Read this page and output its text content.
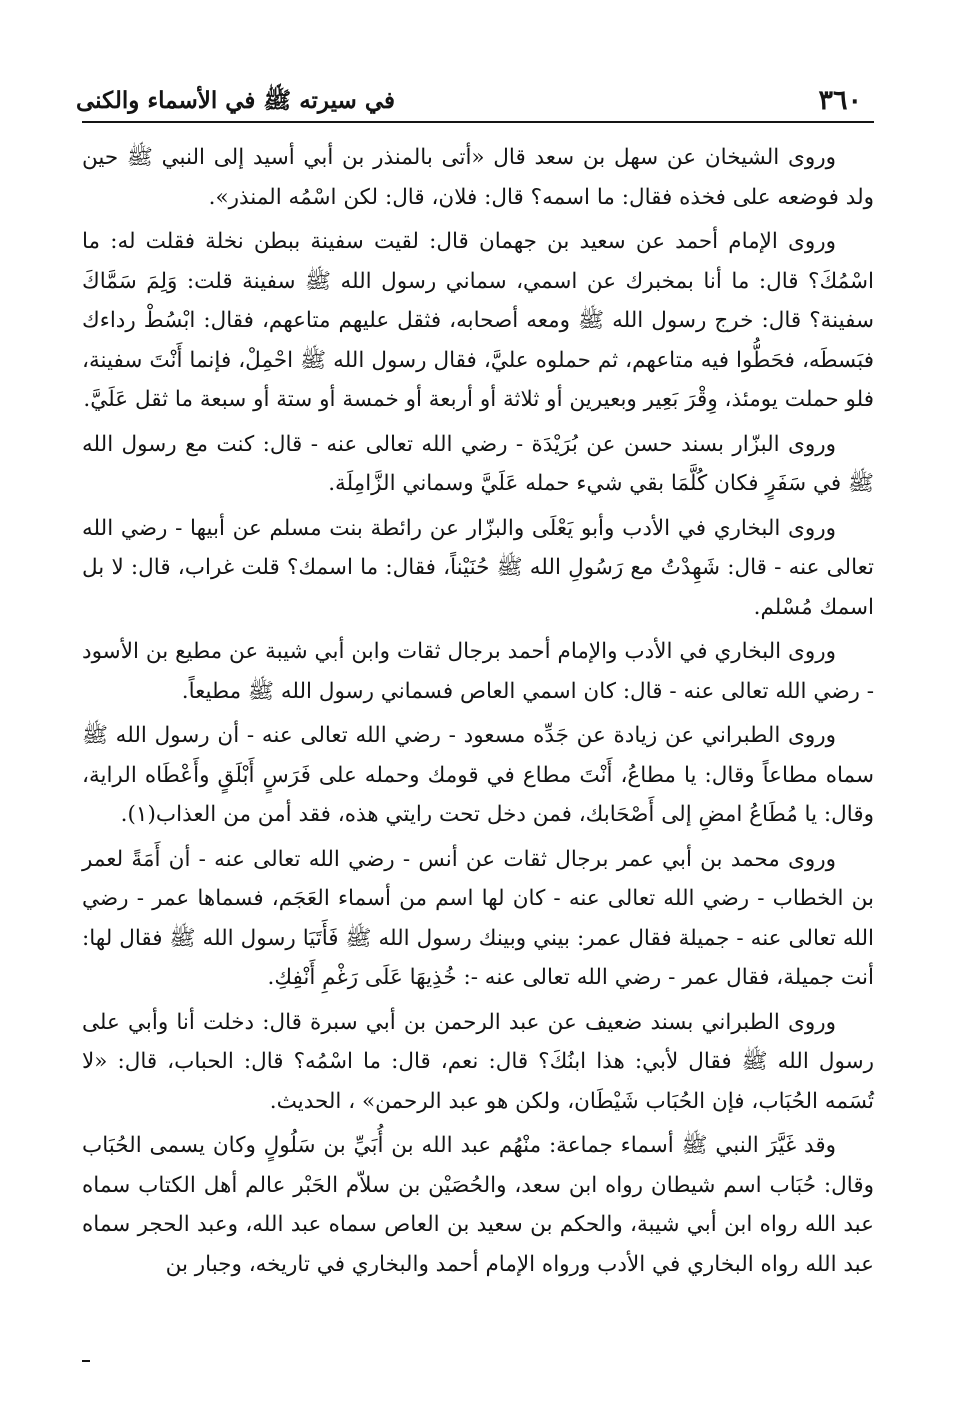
٣٦٠
في سيرته ﷺ في الأسماء والكنى

وروى الشيخان عن سهل بن سعد قال «أتى بالمنذر بن أبي أسيد إلى النبي ﷺ حين ولد فوضعه على فخذه فقال: ما اسمه؟ قال: فلان، قال: لكن اسْمُه المنذر».

وروى الإمام أحمد عن سعيد بن جهمان قال: لقيت سفينة ببطن نخلة فقلت له: ما اسْمُكَ؟ قال: ما أنا بمخبرك عن اسمي، سماني رسول الله ﷺ سفينة قلت: وَلِمَ سَمَّاكَ سفينة؟ قال: خرج رسول الله ﷺ ومعه أصحابه، فثقل عليهم متاعهم، فقال: ابْسُطْ رداءك فبَسطَه، فحَطُّوا فيه متاعهم، ثم حملوه عليَّ، فقال رسول الله ﷺ احْمِلْ، فإنما أَنْتَ سفينة، فلو حملت يومئذ، وِقْرَ بَعِير وبعيرين أو ثلاثة أو أربعة أو خمسة أو ستة أو سبعة ما ثقل عَلَيَّ.

وروى البزّار بسند حسن عن بُرَيْدَة - رضي الله تعالى عنه - قال: كنت مع رسول الله ﷺ في سَفَرٍ فكان كُلَّمَا بقي شيء حمله عَلَيَّ وسماني الزَّامِلَة.

وروى البخاري في الأدب وأبو يَعْلَى والبزّار عن رائطة بنت مسلم عن أبيها - رضي الله تعالى عنه - قال: شَهِدْتُ مع رَسُولِ الله ﷺ حُنَيْناً، فقال: ما اسمك؟ قلت غراب، قال: لا بل اسمك مُسْلم.

وروى البخاري في الأدب والإمام أحمد برجال ثقات وابن أبي شيبة عن مطيع بن الأسود - رضي الله تعالى عنه - قال: كان اسمي العاص فسماني رسول الله ﷺ مطيعاً.

وروى الطبراني عن زيادة عن جَدِّه مسعود - رضي الله تعالى عنه - أن رسول الله ﷺ سماه مطاعاً وقال: يا مطاعُ، أَنْتَ مطاع في قومك وحمله على فَرَسٍ أَبْلَقٍ وأَعْطَاه الراية، وقال: يا مُطَاعُ امضِ إلى أَصْحَابك، فمن دخل تحت رايتي هذه، فقد أمن من العذاب(١).

وروى محمد بن أبي عمر برجال ثقات عن أنس - رضي الله تعالى عنه - أن أَمَةً لعمر بن الخطاب - رضي الله تعالى عنه - كان لها اسم من أسماء العَجَم، فسماها عمر - رضي الله تعالى عنه - جميلة فقال عمر: بيني وبينك رسول الله ﷺ فَأَتَيَا رسول الله ﷺ فقال لها: أنت جميلة، فقال عمر - رضي الله تعالى عنه -: خُذِيهَا عَلَى رَغْمِ أَنْفِكِ.

وروى الطبراني بسند ضعيف عن عبد الرحمن بن أبي سبرة قال: دخلت أنا وأبي على رسول الله ﷺ فقال لأبي: هذا ابنُكَ؟ قال: نعم، قال: ما اسْمُه؟ قال: الحباب، قال: «لا تُسَمه الحُبَاب، فإن الحُبَاب شَيْطَان، ولكن هو عبد الرحمن» ، الحديث.

وقد غَيَّرَ النبي ﷺ أسماء جماعة: منْهُم عبد الله بن أُبَيِّ بن سَلُولٍ وكان يسمى الحُبَاب وقال: حُبَاب اسم شيطان رواه ابن سعد، والحُصَيْن بن سلاّم الحَبْر عالم أهل الكتاب سماه عبد الله رواه ابن أبي شيبة، والحكم بن سعيد بن العاص سماه عبد الله، وعبد الحجر سماه عبد الله رواه البخاري في الأدب ورواه الإمام أحمد والبخاري في تاريخه، وجبار بن
